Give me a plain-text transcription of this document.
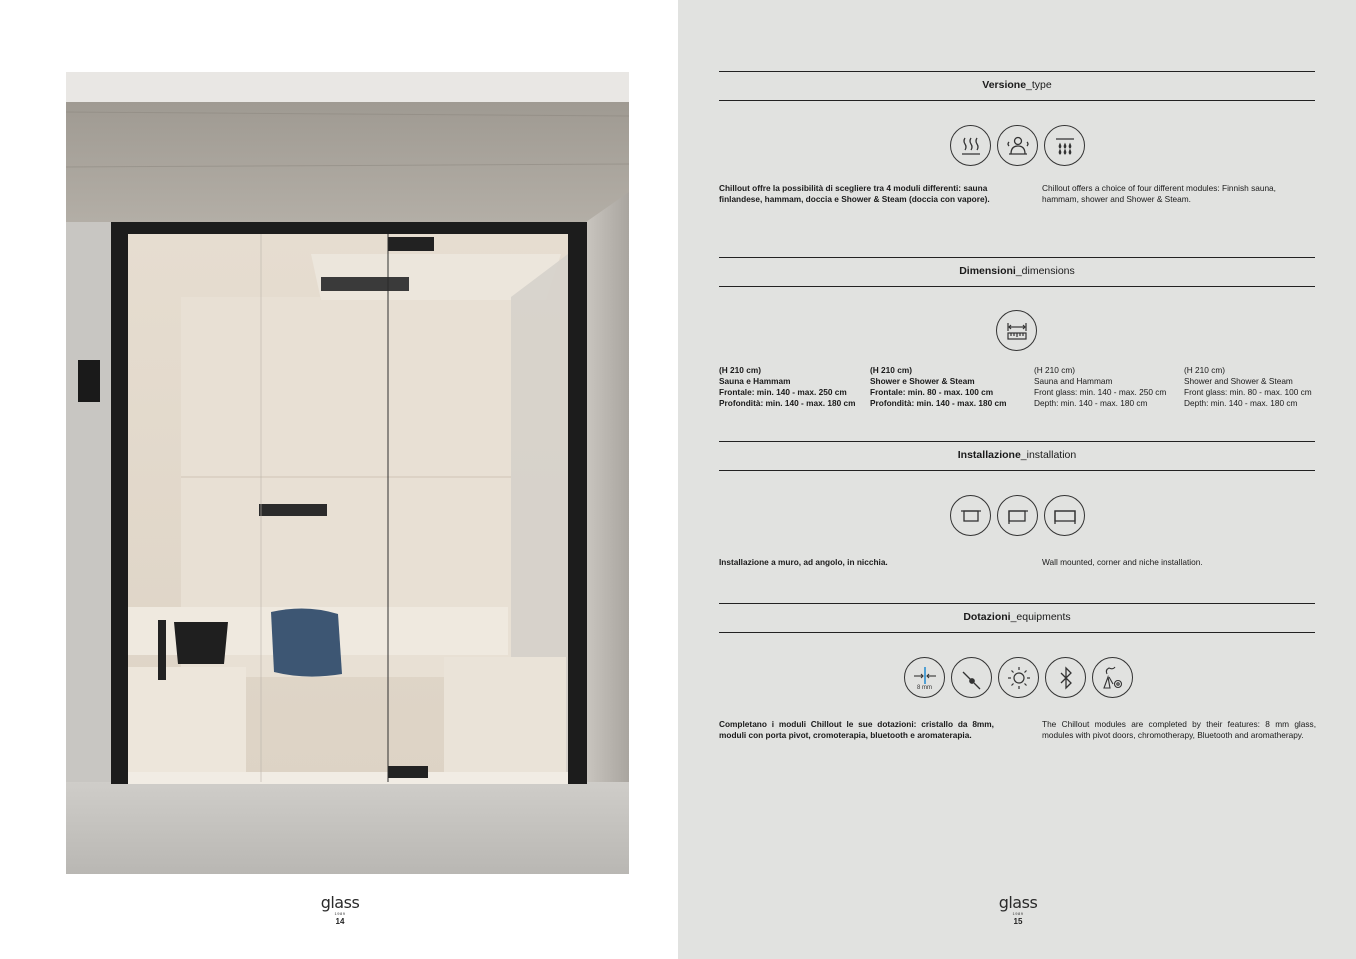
glass
1989
14
Versione_type
Chillout offre la possibilità di scegliere tra 4 moduli differenti: sauna finlandese, hammam, doccia e Shower & Steam (doccia con vapore).
Chillout offers a choice of four different modules: Finnish sauna, hammam, shower and Shower & Steam.
Dimensioni_dimensions
(H 210 cm)
Sauna e Hammam
Frontale: min. 140 - max. 250 cm
Profondità: min. 140 - max. 180 cm
(H 210 cm)
Shower e Shower & Steam
Frontale: min. 80 - max. 100 cm
Profondità: min. 140 - max. 180 cm
(H 210 cm)
Sauna and Hammam
Front glass: min. 140 - max. 250 cm
Depth: min. 140 - max. 180 cm
(H 210 cm)
Shower and Shower & Steam
Front glass: min. 80 - max. 100 cm
Depth: min. 140 - max. 180 cm
Installazione_installation
Installazione a muro, ad angolo, in nicchia.	Wall mounted, corner and niche installation.
Dotazioni_equipments
8 mm
Completano i moduli Chillout le sue dotazioni: cristallo da 8mm, moduli con porta pivot, cromoterapia, bluetooth e aromaterapia.
The Chillout modules are completed by their features: 8 mm glass, modules with pivot doors, chromotherapy, Bluetooth and aromatherapy.
glass
1989
15
